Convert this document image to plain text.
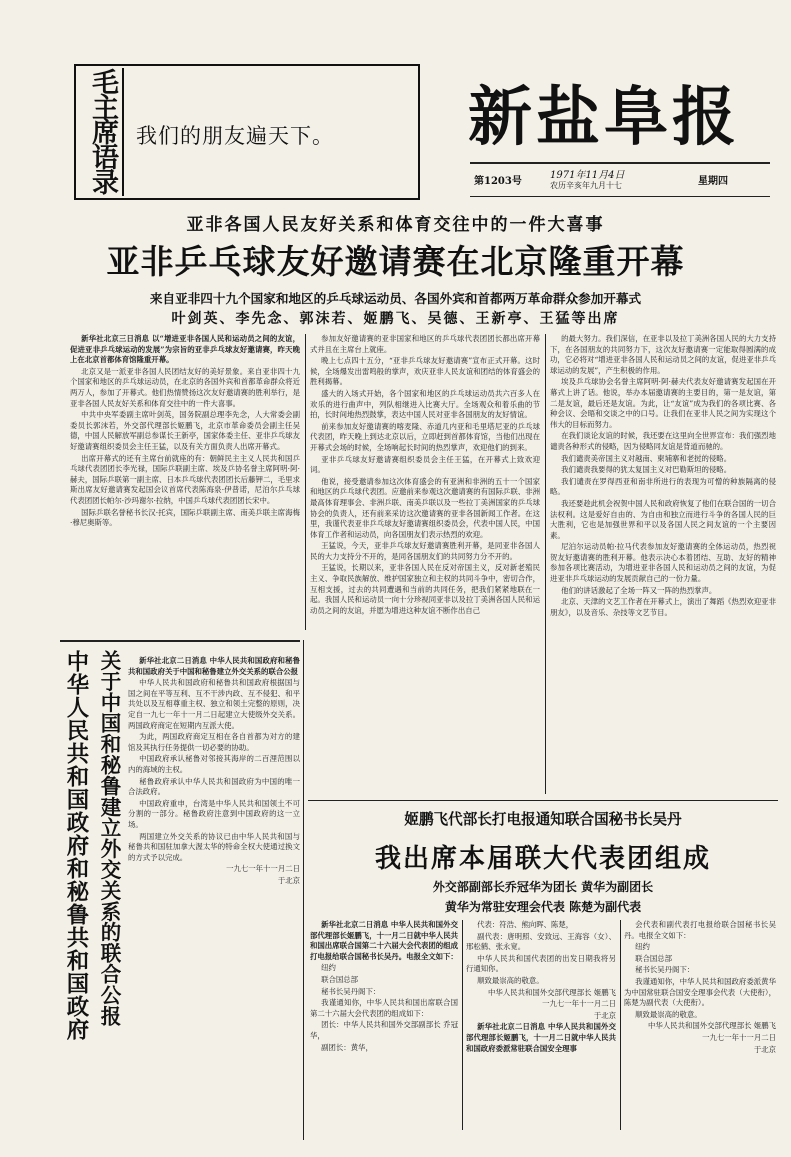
毛主席语录 我们的朋友遍天下。	新盐阜报
第1203号
1971年11月4日
农历辛亥年九月十七	星期四
亚非各国人民友好关系和体育交往中的一件大喜事
亚非乒乓球友好邀请赛在北京隆重开幕
来自亚非四十九个国家和地区的乒乓球运动员、各国外宾和首都两万革命群众参加开幕式
叶剑英、李先念、郭沫若、姬鹏飞、吴德、王新亭、王猛等出席

新华社北京三日消息 以“增进亚非各国人民和运动员之间的友谊，促进亚非乒乓球运动的发展”为宗旨的亚非乒乓球友好邀请赛，昨天晚上在北京首都体育馆隆重开幕。

北京又是一派亚非各国人民团结友好的美好景象。来自亚非四十九个国家和地区的乒乓球运动员，在北京的各国外宾和首都革命群众将近两万人，参加了开幕式。他们热情赞扬这次友好邀请赛的胜利举行，是亚非各国人民友好关系和体育交往中的一件大喜事。

中共中央军委副主席叶剑英，国务院副总理李先念，人大常委会副委员长郭沫若，外交部代理部长姬鹏飞，北京市革命委员会副主任吴德，中国人民解放军副总参谋长王新亭，国家体委主任、亚非乒乓球友好邀请赛组织委员会主任王猛，以及有关方面负责人出席开幕式。

出席开幕式的还有主席台前就座的有：朝鲜民主主义人民共和国乒乓球代表团团长李光禄，国际乒联副主席、埃及乒协名誉主席阿明·阿·赫夫，国际乒联第一副主席、日本乒乓球代表团团长后藤钾二，毛里求斯出席友好邀请赛发起国会议首席代表陈海泉·伊普诺，尼泊尔乒乓球代表团团长帕尔·沙玛谢尔·拉纳，中国乒乓球代表团团长宋中。

国际乒联名誉秘书长汉·托宾，国际乒联副主席、南美乒联主席海梅·穆尼奥斯等。

参加友好邀请赛的亚非国家和地区的乒乓球代表团团长都出席开幕式并且在主席台上就座。

晚上七点四十五分，“亚非乒乓球友好邀请赛”宣布正式开幕。这时候，全场爆发出雷鸣般的掌声，欢庆亚非人民友谊和团结的体育盛会的胜利揭幕。

盛大的入场式开始，各个国家和地区的乒乓球运动员共六百多人在欢乐的进行曲声中，列队相继进入比赛大厅。全场观众和着乐曲的节拍，长时间地热烈鼓掌，表达中国人民对亚非各国朋友的友好情谊。

前来参加友好邀请赛的喀麦隆、赤道几内亚和毛里塔尼亚的乒乓球代表团，昨天晚上到达北京以后，立即赶到首都体育馆，当他们出现在开幕式会场的时候，全场响起长时间的热烈掌声，欢迎他们的到来。

亚非乒乓球友好邀请赛组织委员会主任王猛，在开幕式上致欢迎词。

他说，接受邀请参加这次体育盛会的有亚洲和非洲的五十一个国家和地区的乒乓球代表团。应邀前来参观这次邀请赛的有国际乒联、非洲最高体育理事会、非洲乒联、南美乒联以及一些拉丁美洲国家的乒乓球协会的负责人，还有前来采访这次邀请赛的亚非各国新闻工作者。在这里，我谨代表亚非乒乓球友好邀请赛组织委员会，代表中国人民，中国体育工作者和运动员，向各国朋友们表示热烈的欢迎。

王猛说，今天，亚非乒乓球友好邀请赛胜利开幕，是同亚非各国人民的大力支持分不开的，是同各国朋友们的共同努力分不开的。

王猛说，长期以来，亚非各国人民在反对帝国主义，反对新老殖民主义、争取民族解放、维护国家独立和主权的共同斗争中，密切合作，互相支援，过去的共同遭遇和当前的共同任务，把我们紧紧地联在一起。我国人民和运动员一向十分珍视同亚非以及拉丁美洲各国人民和运动员之间的友谊，并愿为增进这种友谊不断作出自己

的最大努力。我们深信，在亚非以及拉丁美洲各国人民的大力支持下，在各国朋友的共同努力下，这次友好邀请赛一定能取得圆满的成功，它必将对“增进亚非各国人民和运动员之间的友谊，促进亚非乒乓球运动的发展”，产生积极的作用。

埃及乒乓球协会名誉主席阿明·阿·赫夫代表友好邀请赛发起国在开幕式上讲了话。他说，举办本届邀请赛的主要目的，第一是友谊，第二是友谊，最后还是友谊。为此，让“友谊”成为我们的各项比赛、各种会议、会晤和交谈之中的口号。让我们在亚非人民之间为实现这个伟大的目标而努力。

在我们谈论友谊的时候，我还要在这里向全世界宣布：我们强烈地谴责各种形式的侵略，因为侵略同友谊是背道而驰的。

我们谴责美帝国主义对越南、柬埔寨和老挝的侵略。

我们谴责我要得的犹太复国主义对巴勒斯坦的侵略。

我们谴责在罗得西亚和南非所进行的表现为可憎的种族隔离的侵略。

我还要趁此机会祝贺中国人民和政府恢复了他们在联合国的一切合法权利。这是爱好自由的、为自由和独立而进行斗争的各国人民的巨大胜利，它也是加强世界和平以及各国人民之间友谊的一个主要因素。

尼泊尔运动员帕·拉马代表参加友好邀请赛的全体运动员，热烈祝贺友好邀请赛的胜利开幕。他表示决心本着团结、互助、友好的精神参加各项比赛活动，为增进亚非各国人民和运动员之间的友谊，为促进亚非乒乓球运动的发展贡献自己的一份力量。

他们的讲话激起了全场一阵又一阵的热烈掌声。

北京、天津的文艺工作者在开幕式上，演出了舞蹈《热烈欢迎亚非朋友》，以及音乐、杂技等文艺节目。

中华人民共和国政府和秘鲁共和国政府 关于中国和秘鲁建立外交关系的联合公报	新华社北京二日消息 中华人民共和国政府和秘鲁共和国政府关于中国和秘鲁建立外交关系的联合公报

中华人民共和国政府和秘鲁共和国政府根据国与国之间在平等互利、互不干涉内政、互不侵犯、和平共处以及互相尊重主权、独立和领土完整的原则，决定自一九七一年十一月二日起建立大使级外交关系。两国政府商定在短期内互派大使。

为此，两国政府商定互相在各自首都为对方的建馆及其执行任务提供一切必要的协助。

中国政府承认秘鲁对邻接其海岸的二百浬范围以内的海域的主权。

秘鲁政府承认中华人民共和国政府为中国的唯一合法政府。

中国政府重申，台湾是中华人民共和国领土不可分割的一部分。秘鲁政府注意到中国政府的这一立场。

两国建立外交关系的协议已由中华人民共和国与秘鲁共和国驻加拿大渥太华的特命全权大使通过换文的方式予以完成。

一九七一年十一月二日

于北京

姬鹏飞代部长打电报通知联合国秘书长吴丹
我出席本届联大代表团组成
外交部副部长乔冠华为团长 黄华为副团长
黄华为常驻安理会代表 陈楚为副代表

新华社北京二日消息 中华人民共和国外交部代理部长姬鹏飞，十一月二日就中华人民共和国出席联合国第二十六届大会代表团的组成打电报给联合国秘书长吴丹。电报全文如下：

纽约

联合国总部

秘书长吴丹阁下：

我谨通知你，中华人民共和国出席联合国第二十六届大会代表团的组成如下：

团长：中华人民共和国外交部副部长 乔冠华，

副团长：黄华，

代表：符浩、熊向晖、陈楚，

副代表：唐明照、安致远、王海容（女）、邢松鹤、张永宽。

中华人民共和国代表团的出发日期我将另行通知你。

顺致最崇高的敬意。

中华人民共和国外交部代理部长 姬鹏飞

一九七一年十一月二日

于北京

新华社北京二日消息 中华人民共和国外交部代理部长姬鹏飞，十一月二日就中华人民共和国政府委派常驻联合国安全理事

会代表和副代表打电报给联合国秘书长吴丹。电报全文如下：

纽约

联合国总部

秘书长吴丹阁下：

我谨通知你，中华人民共和国政府委派黄华为中国常驻联合国安全理事会代表（大使衔），陈楚为副代表（大使衔）。

顺致最崇高的敬意。

中华人民共和国外交部代理部长 姬鹏飞

一九七一年十一月二日

于北京
